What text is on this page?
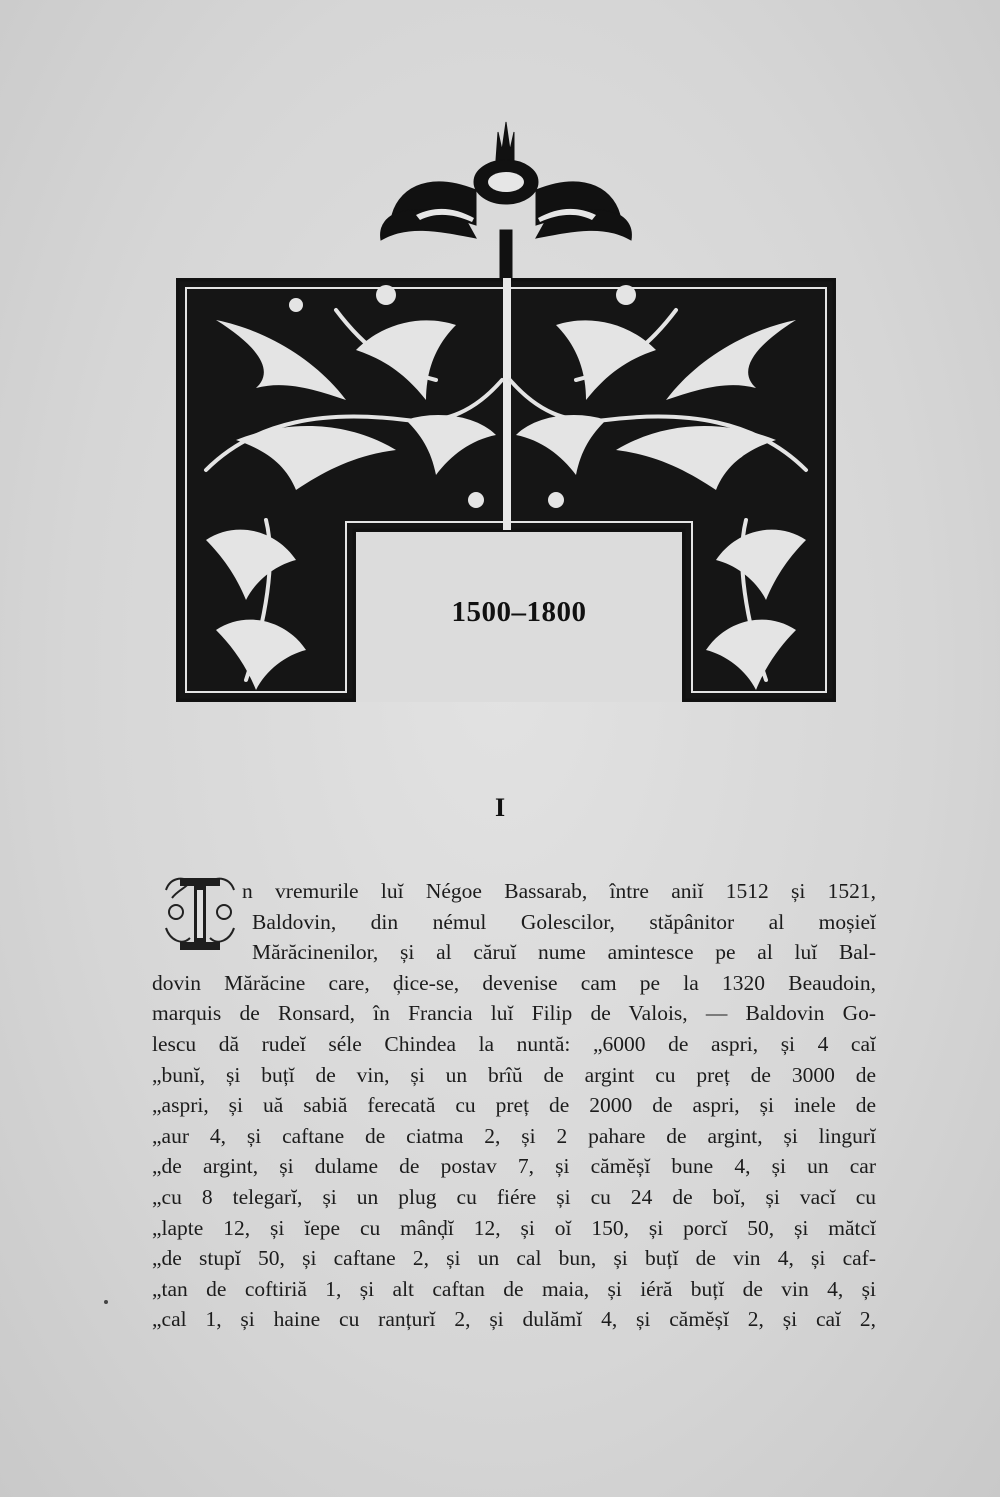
1500–1800
I
n vremurile luĭ Négoe Bassarab, între aniĭ 1512 și 1521,
Baldovin, din némul Golescilor, stăpânitor al moșieĭ
Mărăcinenilor, și al căruĭ nume amintesce pe al luĭ Bal-
dovin Mărăcine care, ḑice-se, devenise cam pe la 1320 Beaudoin,
marquis de Ronsard, în Francia luĭ Filip de Valois, — Baldovin Go-
lescu dă rudeĭ séle Chindea la nuntă: „6000 de aspri, și 4 caĭ
„bunĭ, și buțĭ de vin, și un brîŭ de argint cu preț de 3000 de
„aspri, și uă sabiă ferecată cu preț de 2000 de aspri, și inele de
„aur 4, și caftane de ciatma 2, și 2 pahare de argint, și lingurĭ
„de argint, și dulame de postav 7, și cămĕșĭ bune 4, și un car
„cu 8 telegarĭ, și un plug cu fiére și cu 24 de boĭ, și vacĭ cu
„lapte 12, și ĭepe cu mânḑĭ 12, și oĭ 150, și porcĭ 50, și mătcĭ
„de stupĭ 50, și caftane 2, și un cal bun, și buțĭ de vin 4, și caf-
„tan de coftiriă 1, și alt caftan de maia, și iéră buțĭ de vin 4, și
„cal 1, și haine cu ranțurĭ 2, și dulămĭ 4, și cămĕșĭ 2, și caĭ 2,
